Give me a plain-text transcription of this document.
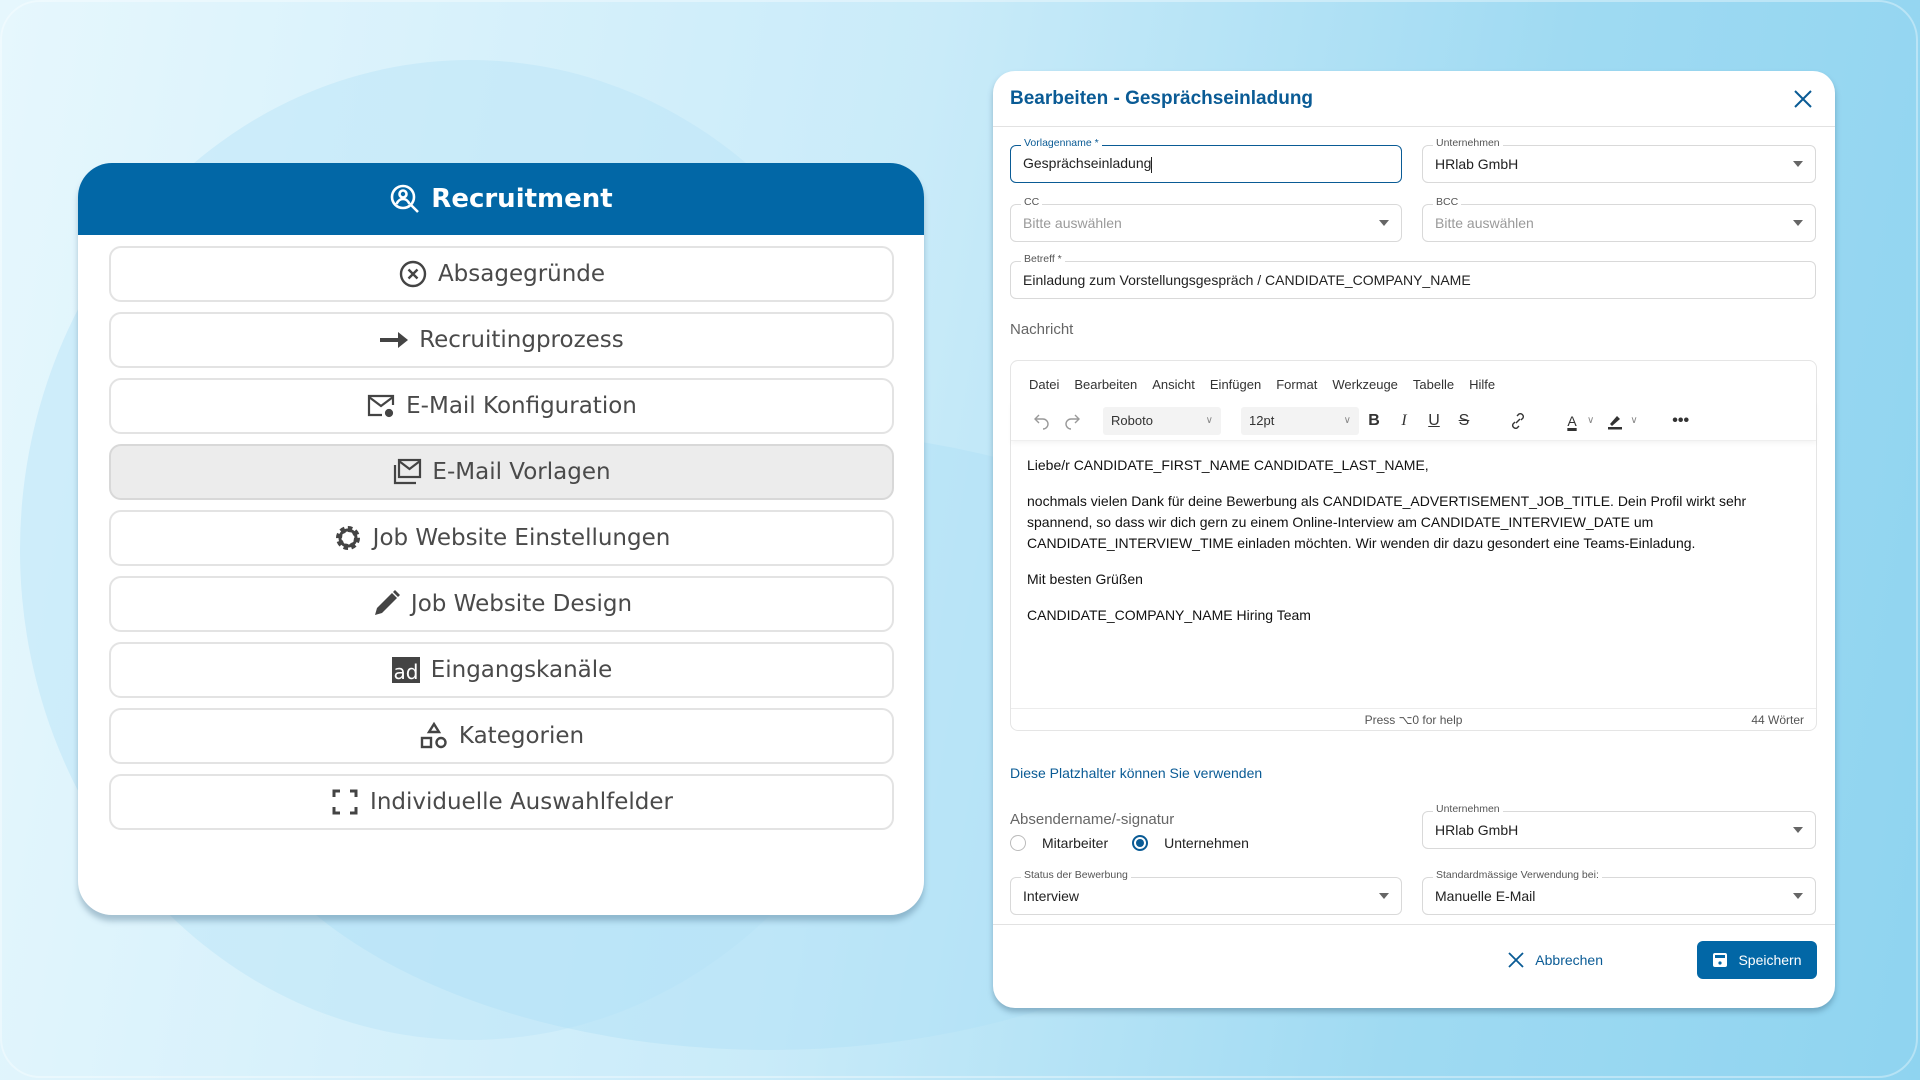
Recruitment
Absagegründe
Recruitingprozess
E-Mail Konfiguration
E-Mail Vorlagen
Job Website Einstellungen
Job Website Design
ad Eingangskanäle
Kategorien
Individuelle Auswahlfelder
Bearbeiten - Gesprächseinladung
Vorlagenname *
Gesprächseinladung
Unternehmen
HRlab GmbH
CC
Bitte auswählen
BCC
Bitte auswählen
Betreff *
Einladung zum Vorstellungsgespräch / CANDIDATE_COMPANY_NAME
Nachricht
Datei Bearbeiten Ansicht Einfügen Format Werkzeuge Tabelle Hilfe
Roboto	∨	12pt	∨ B I U S	A ∨	∨ •••

Liebe/r CANDIDATE_FIRST_NAME CANDIDATE_LAST_NAME,

nochmals vielen Dank für deine Bewerbung als CANDIDATE_ADVERTISEMENT_JOB_TITLE. Dein Profil wirkt sehr spannend, so dass wir dich gern zu einem Online-Interview am CANDIDATE_INTERVIEW_DATE um CANDIDATE_INTERVIEW_TIME einladen möchten. Wir wenden dir dazu gesondert eine Teams-Einladung.

Mit besten Grüßen

CANDIDATE_COMPANY_NAME Hiring Team

Press ⌥0 for help	44 Wörter
Diese Platzhalter können Sie verwenden
Absendername/-signatur
Mitarbeiter	Unternehmen
Unternehmen
HRlab GmbH
Status der Bewerbung
Interview
Standardmässige Verwendung bei:
Manuelle E-Mail
Abbrechen	Speichern
